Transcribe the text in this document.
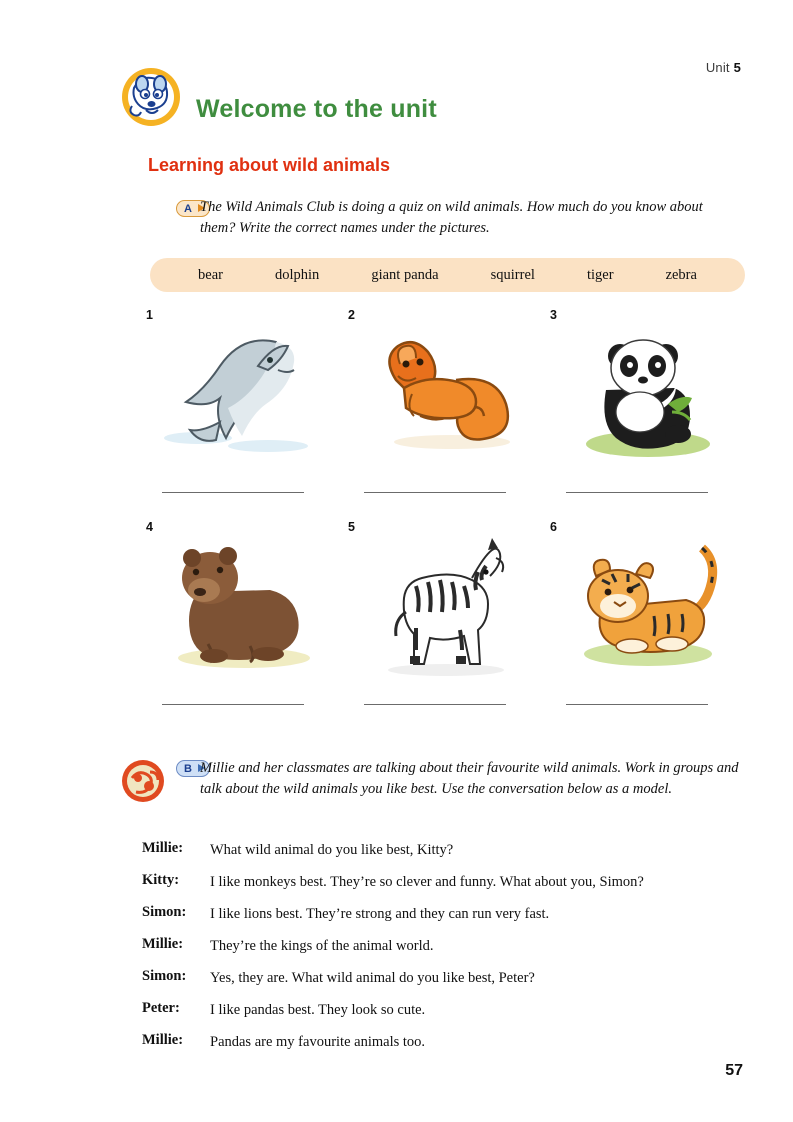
Unit 5
Welcome to the unit
Learning about wild animals
A The Wild Animals Club is doing a quiz on wild animals. How much do you know about them? Write the correct names under the pictures.
bear	dolphin	giant panda	squirrel	tiger	zebra
1	2	3
4	5	6
B Millie and her classmates are talking about their favourite wild animals. Work in groups and talk about the wild animals you like best. Use the conversation below as a model.
Millie:	What wild animal do you like best, Kitty?
Kitty:	I like monkeys best. They’re so clever and funny. What about you, Simon?
Simon:	I like lions best. They’re strong and they can run very fast.
Millie:	They’re the kings of the animal world.
Simon:	Yes, they are. What wild animal do you like best, Peter?
Peter:	I like pandas best. They look so cute.
Millie:	Pandas are my favourite animals too.
57
